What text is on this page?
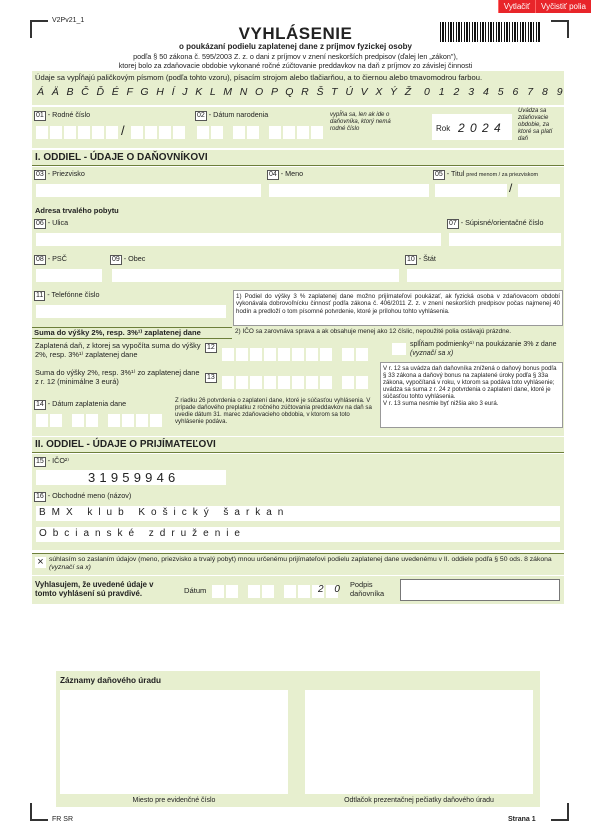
Vytlačiť	Vyčistiť polia
V2Pv21_1
VYHLÁSENIE
o poukázaní podielu zaplatenej dane z príjmov fyzickej osoby
podľa § 50 zákona č. 595/2003 Z. z. o dani z príjmov v znení neskorších predpisov (ďalej len „zákon"),
ktorej bolo za zdaňovacie obdobie vykonané ročné zúčtovanie preddavkov na daň z príjmov zo závislej činnosti
Údaje sa vypĺňajú paličkovým písmom (podľa tohto vzoru), písacím strojom alebo tlačiarňou, a to čiernou alebo tmavomodrou farbou.
Á Ä B Č Ď É F G H Í J K L M N O P Q R Š T Ú V X Ý Ž 0 1 2 3 4 5 6 7 8 9
01 - Rodné číslo
/
02 - Dátum narodenia	vypĺňa sa, len ak ide o daňovníka, ktorý nemá rodné číslo	Rok 2 0 2 4
Uvádza sa zdaňovacie obdobie, za ktoré sa platí daň
I. ODDIEL - ÚDAJE O DAŇOVNÍKOVI
03 - Priezvisko	04 - Meno	05 - Titul pred menom / za priezviskom
/
Adresa trvalého pobytu
06 - Ulica	07 - Súpisné/orientačné číslo
08 - PSČ	09 - Obec	10 - Štát
11 - Telefónne číslo	1) Podiel do výšky 3 % zaplatenej dane možno prijímateľovi poukázať, ak fyzická osoba v zdaňovacom období vykonávala dobrovoľnícku činnosť podľa zákona č. 406/2011 Z. z. v znení neskorších predpisov počas najmenej 40 hodín a predloží o tom písomné potvrdenie, ktoré je prílohou tohto vyhlásenia.
Suma do výšky 2%, resp. 3%¹⁾ zaplatenej dane	2) IČO sa zarovnáva sprava a ak obsahuje menej ako 12 číslic, nepoužité polia ostávajú prázdne.
Zaplatená daň, z ktorej sa vypočíta suma do výšky 2%, resp. 3%¹⁾ zaplatenej dane
12
Suma do výšky 2%, resp. 3%¹⁾ zo zaplatenej dane z r. 12 (minimálne 3 eurá)	13
splĺňam podmienky¹⁾ na poukázanie 3% z dane (vyznačí sa x)
V r. 12 sa uvádza daň daňovníka znížená o daňový bonus podľa § 33 zákona a daňový bonus na zaplatené úroky podľa § 33a zákona, vypočítaná v roku, v ktorom sa podáva toto vyhlásenie; uvádza sa suma z r. 24 z potvrdenia o zaplatení dane, ktoré je súčasťou tohto vyhlásenia.
V r. 13 suma nesmie byť nižšia ako 3 eurá.
14 - Dátum zaplatenia dane	Z riadku 26 potvrdenia o zaplatení dane, ktoré je súčasťou vyhlásenia. V prípade daňového preplatku z ročného zúčtovania preddavkov na daň sa uvedie dátum 31. marec zdaňovacieho obdobia, v ktorom sa toto vyhlásenie podáva.
II. ODDIEL - ÚDAJE O PRIJÍMATEĽOVI
15 - IČO²⁾
31959946
16 - Obchodné meno (názov)
B M X   k l u b   K o š i c k ý   š a r k a n
O b c i a n s k é   z d r u ž e n i e
× súhlasím so zaslaním údajov (meno, priezvisko a trvalý pobyt) mnou určenému prijímateľovi podielu zaplatenej dane uvedenému v II. oddiele podľa § 50 ods. 8 zákona (vyznačí sa x)
Vyhlasujem, že uvedené údaje v tomto vyhlásení sú pravdivé.	Dátum	2 0 Podpis daňovníka
Záznamy daňového úradu
Miesto pre evidenčné číslo	Odtlačok prezentačnej pečiatky daňového úradu
FR SR	Strana 1
